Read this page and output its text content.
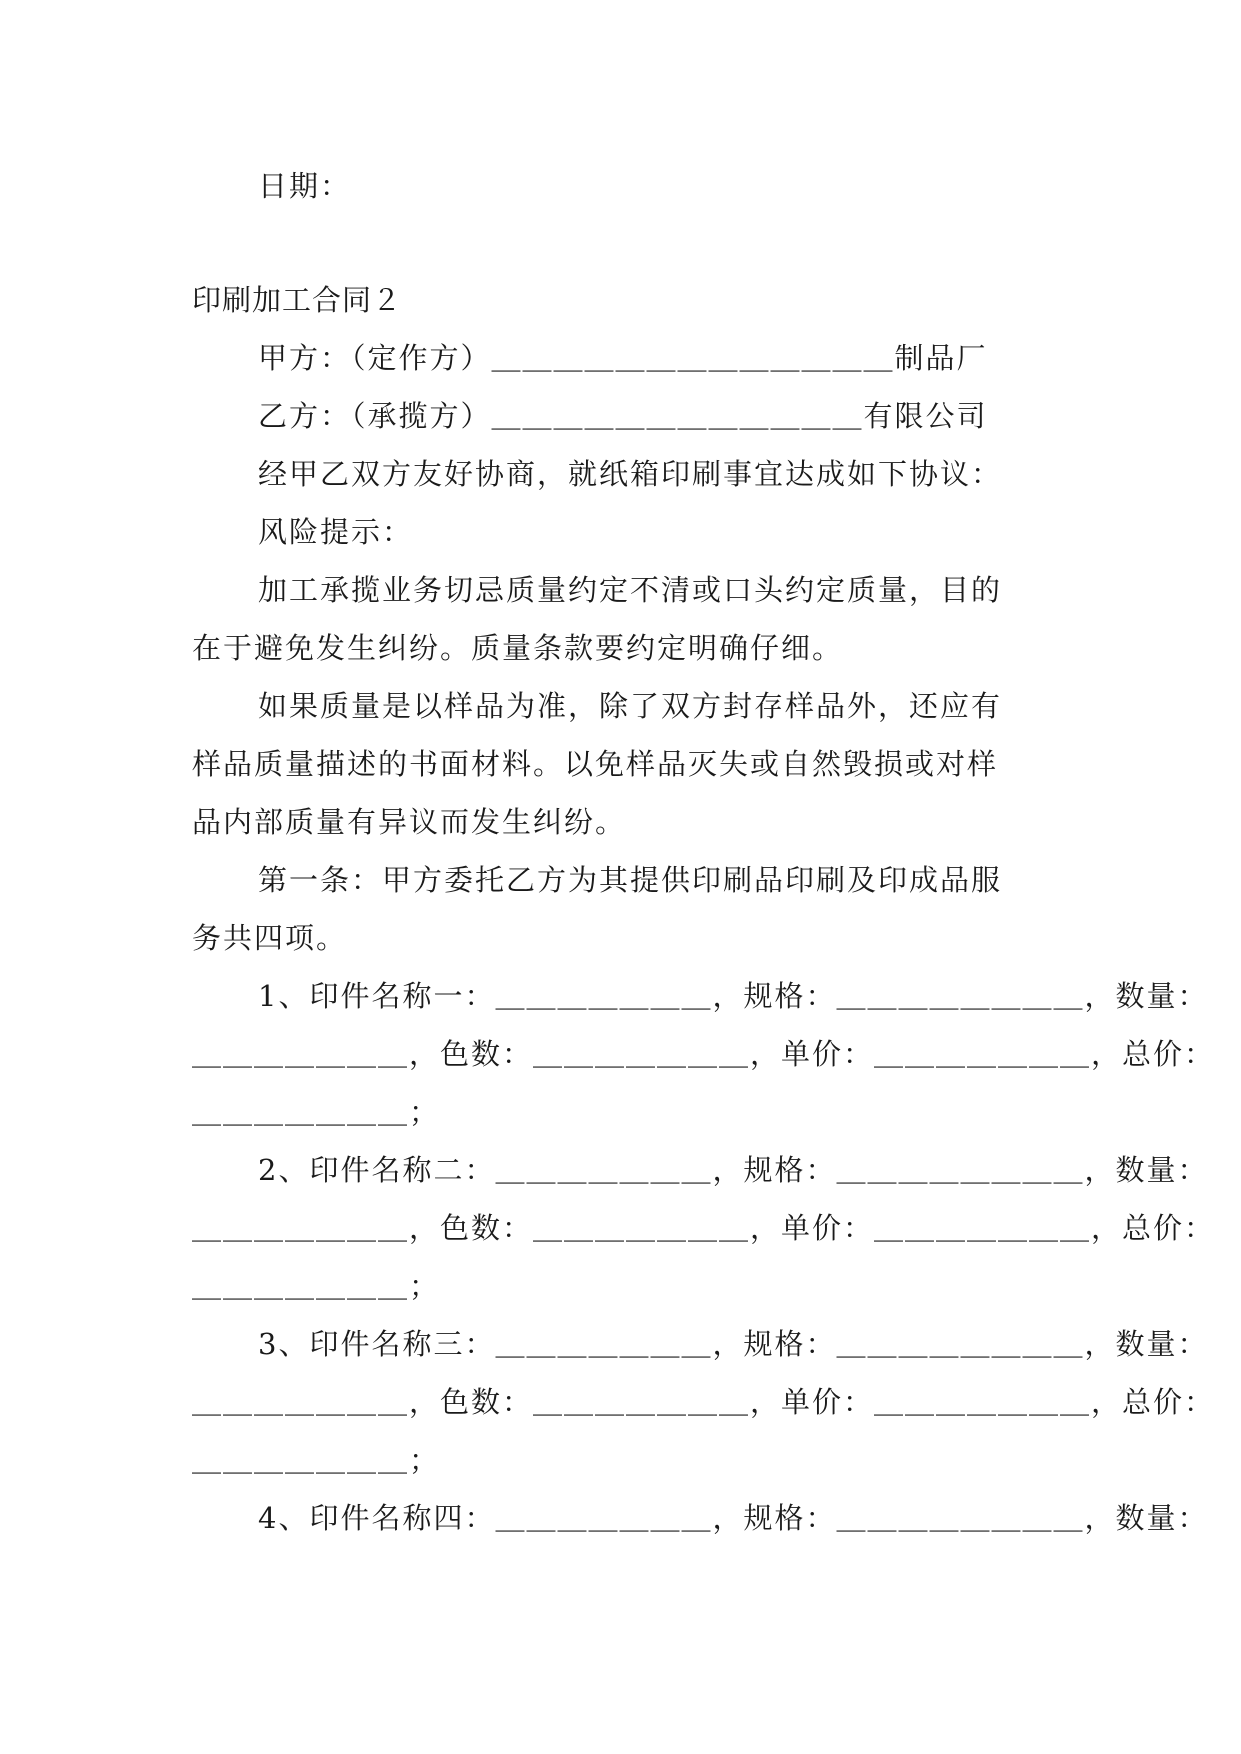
日期：
印刷加工合同２
甲方：（定作方）＿＿＿＿＿＿＿＿＿＿＿＿＿制品厂
乙方：（承揽方）＿＿＿＿＿＿＿＿＿＿＿＿有限公司
经甲乙双方友好协商，就纸箱印刷事宜达成如下协议：
风险提示：
加工承揽业务切忌质量约定不清或口头约定质量，目的
在于避免发生纠纷。质量条款要约定明确仔细。
如果质量是以样品为准，除了双方封存样品外，还应有
样品质量描述的书面材料。以免样品灭失或自然毁损或对样
品内部质量有异议而发生纠纷。
第一条：甲方委托乙方为其提供印刷品印刷及印成品服
务共四项。
1、印件名称一：＿＿＿＿＿＿＿，规格：＿＿＿＿＿＿＿＿，数量：
＿＿＿＿＿＿＿，色数：＿＿＿＿＿＿＿，单价：＿＿＿＿＿＿＿，总价：
＿＿＿＿＿＿＿；
2、印件名称二：＿＿＿＿＿＿＿，规格：＿＿＿＿＿＿＿＿，数量：
＿＿＿＿＿＿＿，色数：＿＿＿＿＿＿＿，单价：＿＿＿＿＿＿＿，总价：
＿＿＿＿＿＿＿；
3、印件名称三：＿＿＿＿＿＿＿，规格：＿＿＿＿＿＿＿＿，数量：
＿＿＿＿＿＿＿，色数：＿＿＿＿＿＿＿，单价：＿＿＿＿＿＿＿，总价：
＿＿＿＿＿＿＿；
4、印件名称四：＿＿＿＿＿＿＿，规格：＿＿＿＿＿＿＿＿，数量：
